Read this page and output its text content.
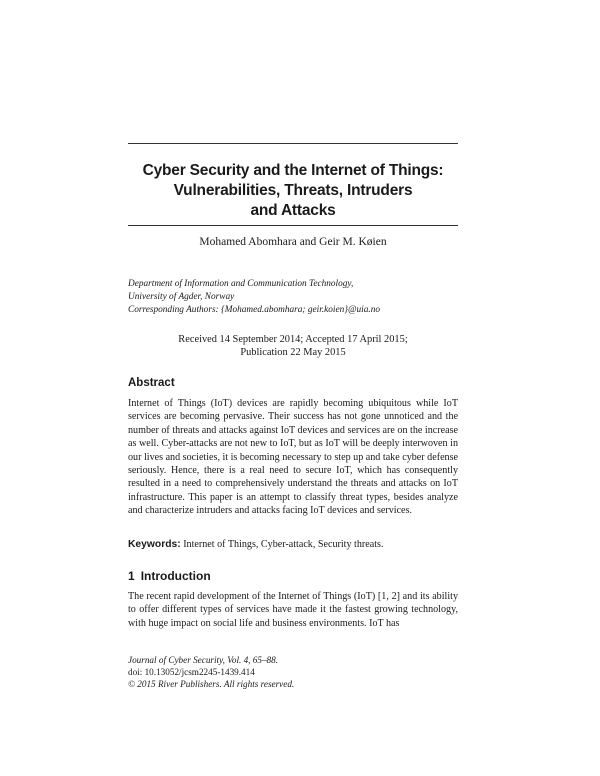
Cyber Security and the Internet of Things:
Vulnerabilities, Threats, Intruders
and Attacks
Mohamed Abomhara and Geir M. Køien
Department of Information and Communication Technology,
University of Agder, Norway
Corresponding Authors: {Mohamed.abomhara; geir.koien}@uia.no
Received 14 September 2014; Accepted 17 April 2015;
Publication 22 May 2015
Abstract
Internet of Things (IoT) devices are rapidly becoming ubiquitous while IoT services are becoming pervasive. Their success has not gone unnoticed and the number of threats and attacks against IoT devices and services are on the increase as well. Cyber-attacks are not new to IoT, but as IoT will be deeply interwoven in our lives and societies, it is becoming necessary to step up and take cyber defense seriously. Hence, there is a real need to secure IoT, which has consequently resulted in a need to comprehensively understand the threats and attacks on IoT infrastructure. This paper is an attempt to classify threat types, besides analyze and characterize intruders and attacks facing IoT devices and services.
Keywords: Internet of Things, Cyber-attack, Security threats.
1 Introduction
The recent rapid development of the Internet of Things (IoT) [1, 2] and its ability to offer different types of services have made it the fastest growing technology, with huge impact on social life and business environments. IoT has
Journal of Cyber Security, Vol. 4, 65–88.
doi: 10.13052/jcsm2245-1439.414
© 2015 River Publishers. All rights reserved.
